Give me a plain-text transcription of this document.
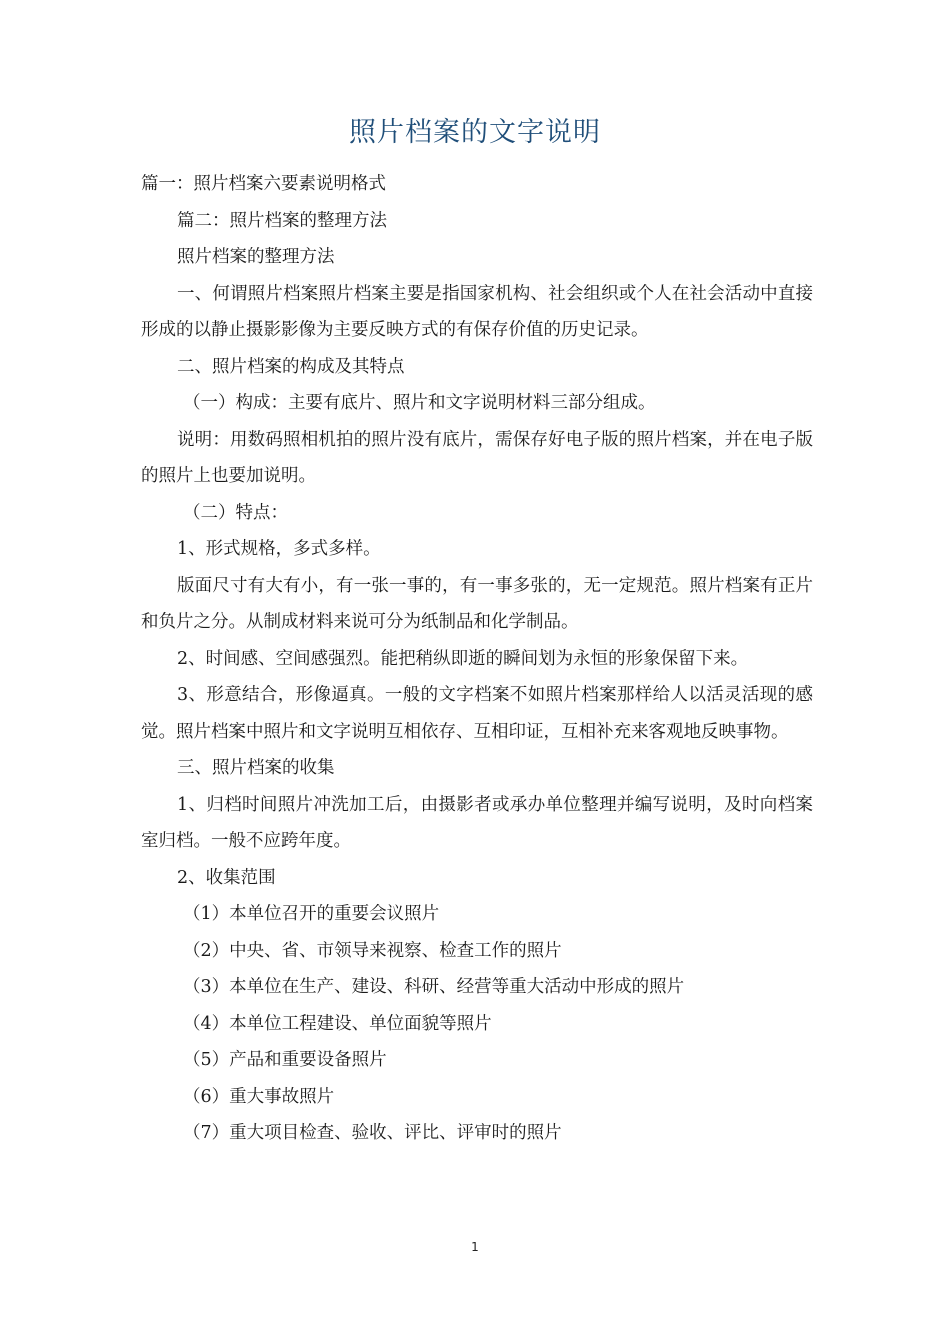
照片档案的文字说明

篇一：照片档案六要素说明格式

篇二：照片档案的整理方法

照片档案的整理方法

一、何谓照片档案照片档案主要是指国家机构、社会组织或个人在社会活动中直接形成的以静止摄影影像为主要反映方式的有保存价值的历史记录。

二、照片档案的构成及其特点

（一）构成：主要有底片、照片和文字说明材料三部分组成。

说明：用数码照相机拍的照片没有底片，需保存好电子版的照片档案，并在电子版的照片上也要加说明。

（二）特点：

1、形式规格，多式多样。

版面尺寸有大有小，有一张一事的，有一事多张的，无一定规范。照片档案有正片和负片之分。从制成材料来说可分为纸制品和化学制品。

2、时间感、空间感强烈。能把稍纵即逝的瞬间划为永恒的形象保留下来。

3、形意结合，形像逼真。一般的文字档案不如照片档案那样给人以活灵活现的感觉。照片档案中照片和文字说明互相依存、互相印证，互相补充来客观地反映事物。

三、照片档案的收集

1、归档时间照片冲洗加工后，由摄影者或承办单位整理并编写说明，及时向档案室归档。一般不应跨年度。

2、收集范围

（1）本单位召开的重要会议照片

（2）中央、省、市领导来视察、检查工作的照片

（3）本单位在生产、建设、科研、经营等重大活动中形成的照片

（4）本单位工程建设、单位面貌等照片

（5）产品和重要设备照片

（6）重大事故照片

（7）重大项目检查、验收、评比、评审时的照片

1
